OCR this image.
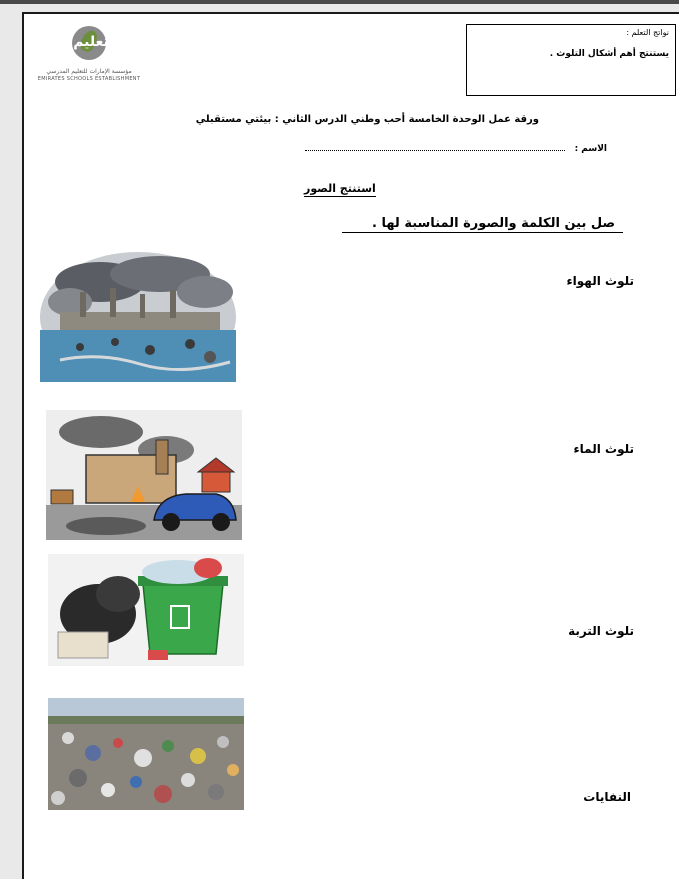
تعليم
مؤسسة الإمارات للتعليم المدرسي
EMIRATES SCHOOLS ESTABLISHMENT
نواتج التعلم :
يستنتج أهم أشكال التلوث .
ورقة عمل الوحدة الخامسة أحب وطني الدرس الثاني : بيئتي مستقبلي
الاسم :
استنتج الصور
صل بين الكلمة والصورة المناسبة لها .
تلوث الهواء
تلوث الماء
تلوث التربة
النفايات
